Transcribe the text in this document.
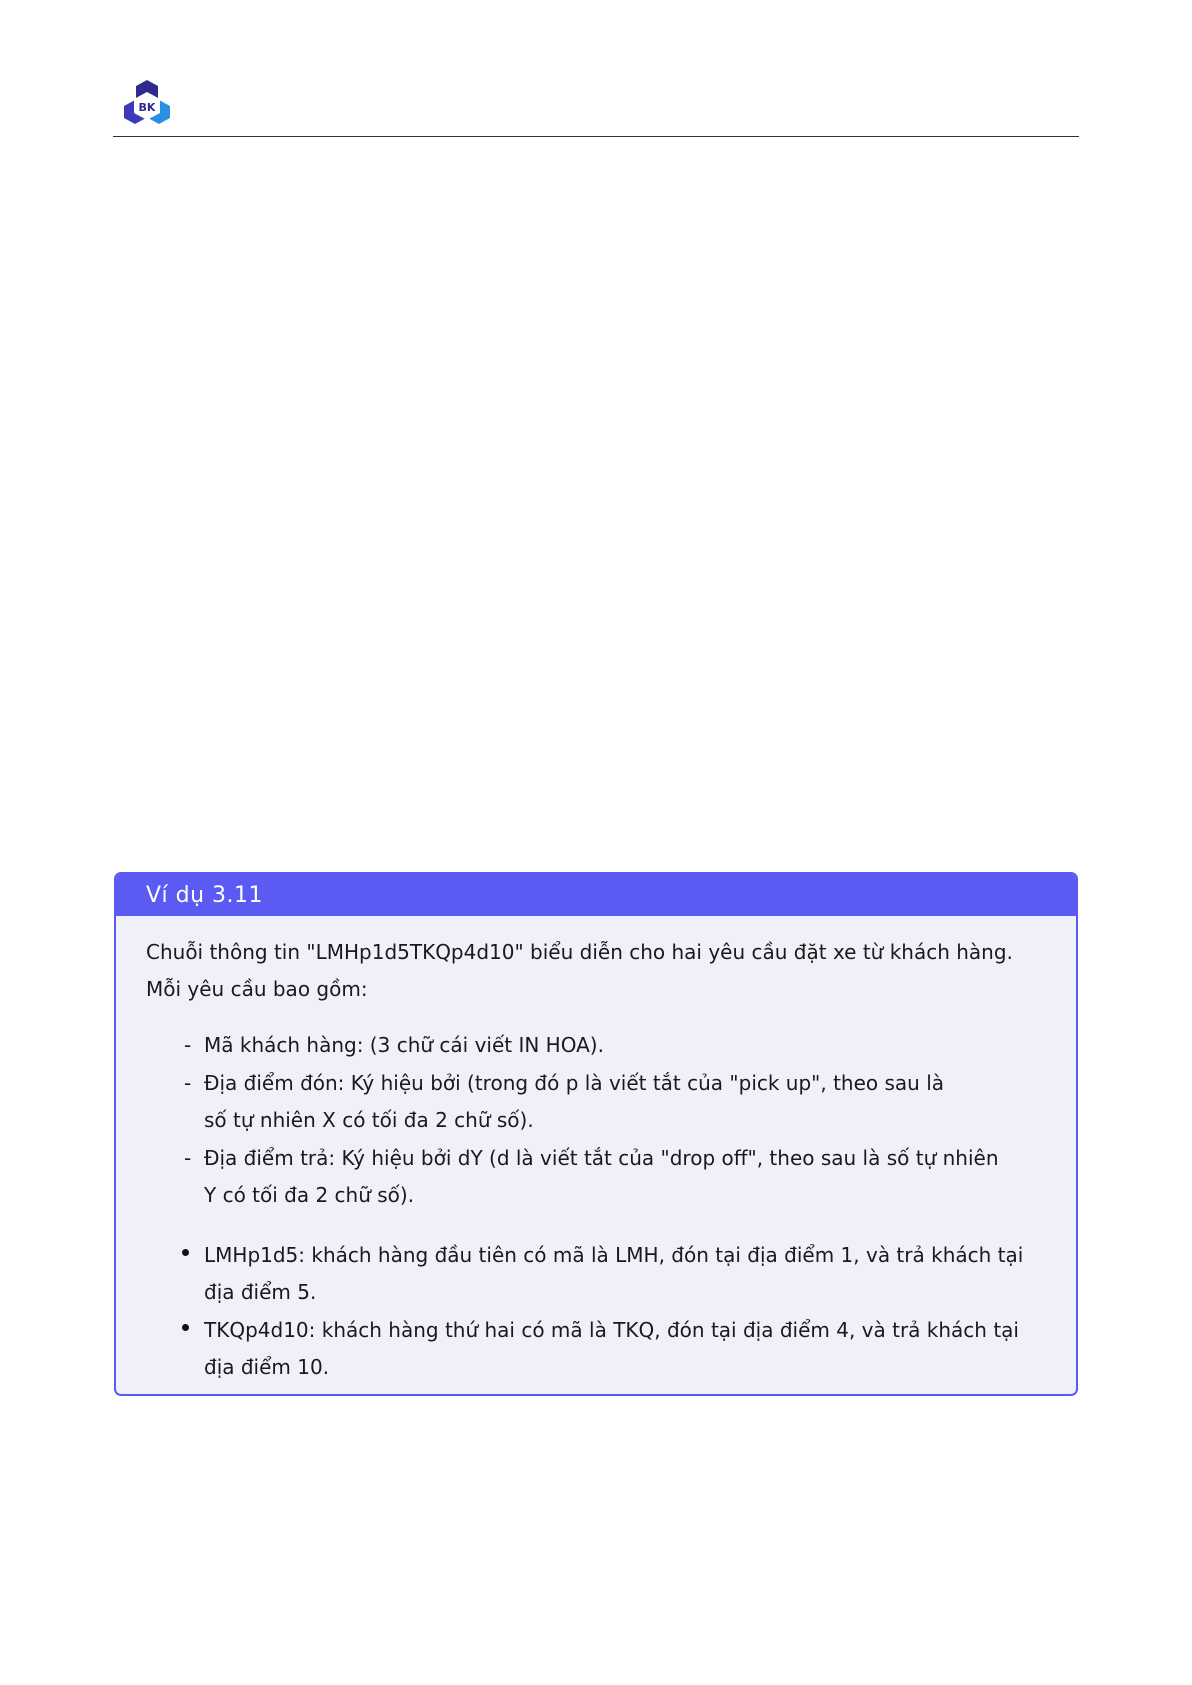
BK
Ví dụ 3.11
Chuỗi thông tin "LMHp1d5TKQp4d10" biểu diễn cho hai yêu cầu đặt xe từ khách hàng.
Mỗi yêu cầu bao gồm:
- Mã khách hàng: (3 chữ cái viết IN HOA).
- Địa điểm đón: Ký hiệu bởi (trong đó p là viết tắt của "pick up", theo sau là
số tự nhiên X có tối đa 2 chữ số).
- Địa điểm trả: Ký hiệu bởi dY (d là viết tắt của "drop off", theo sau là số tự nhiên
Y có tối đa 2 chữ số).
LMHp1d5: khách hàng đầu tiên có mã là LMH, đón tại địa điểm 1, và trả khách tại
địa điểm 5.
TKQp4d10: khách hàng thứ hai có mã là TKQ, đón tại địa điểm 4, và trả khách tại
địa điểm 10.
